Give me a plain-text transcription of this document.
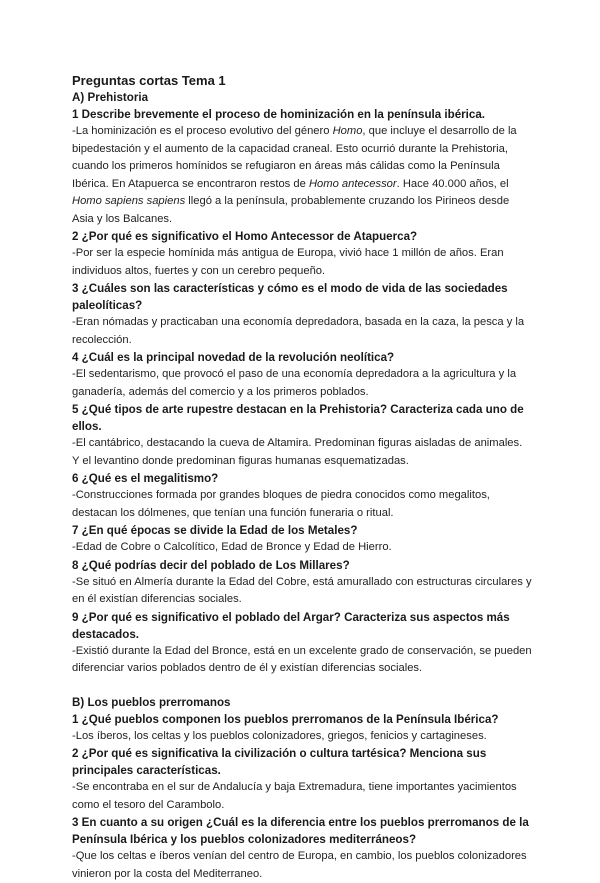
Preguntas cortas Tema 1

A) Prehistoria

1 Describe brevemente el proceso de hominización en la península ibérica.

-La hominización es el proceso evolutivo del género Homo, que incluye el desarrollo de la bipedestación y el aumento de la capacidad craneal. Esto ocurrió durante la Prehistoria, cuando los primeros homínidos se refugiaron en áreas más cálidas como la Península Ibérica. En Atapuerca se encontraron restos de Homo antecessor. Hace 40.000 años, el Homo sapiens sapiens llegó a la península, probablemente cruzando los Pirineos desde Asia y los Balcanes.

2 ¿Por qué es significativo el Homo Antecessor de Atapuerca?

-Por ser la especie homínida más antigua de Europa, vivió hace 1 millón de años. Eran individuos altos, fuertes y con un cerebro pequeño.

3 ¿Cuáles son las características y cómo es el modo de vida de las sociedades paleolíticas?

-Eran nómadas y practicaban una economía depredadora, basada en la caza, la pesca y la recolección.

4 ¿Cuál es la principal novedad de la revolución neolítica?

-El sedentarismo, que provocó el paso de una economía depredadora a la agricultura y la ganadería, además del comercio y a los primeros poblados.

5 ¿Qué tipos de arte rupestre destacan en la Prehistoria? Caracteriza cada uno de ellos.

-El cantábrico, destacando la cueva de Altamira. Predominan figuras aisladas de animales. Y el levantino donde predominan figuras humanas esquematizadas.

6 ¿Qué es el megalitismo?

-Construcciones formada por grandes bloques de piedra conocidos como megalitos, destacan los dólmenes, que tenían una función funeraria o ritual.

7 ¿En qué épocas se divide la Edad de los Metales?

-Edad de Cobre o Calcolítico, Edad de Bronce y Edad de Hierro.

8 ¿Qué podrías decir del poblado de Los Millares?

-Se situó en Almería durante la Edad del Cobre, está amurallado con estructuras circulares y en él existían diferencias sociales.

9 ¿Por qué es significativo el poblado del Argar? Caracteriza sus aspectos más destacados.

-Existió durante la Edad del Bronce, está en un excelente grado de conservación, se pueden diferenciar varios poblados dentro de él y existían diferencias sociales.

B) Los pueblos prerromanos

1 ¿Qué pueblos componen los pueblos prerromanos de la Península Ibérica?

-Los íberos, los celtas y los pueblos colonizadores, griegos, fenicios y cartagineses.

2 ¿Por qué es significativa la civilización o cultura tartésica? Menciona sus principales características.

-Se encontraba en el sur de Andalucía y baja Extremadura, tiene importantes yacimientos como el tesoro del Carambolo.

3 En cuanto a su origen ¿Cuál es la diferencia entre los pueblos prerromanos de la Península Ibérica y los pueblos colonizadores mediterráneos?

-Que los celtas e íberos venían del centro de Europa, en cambio, los pueblos colonizadores vinieron por la costa del Mediterraneo.
